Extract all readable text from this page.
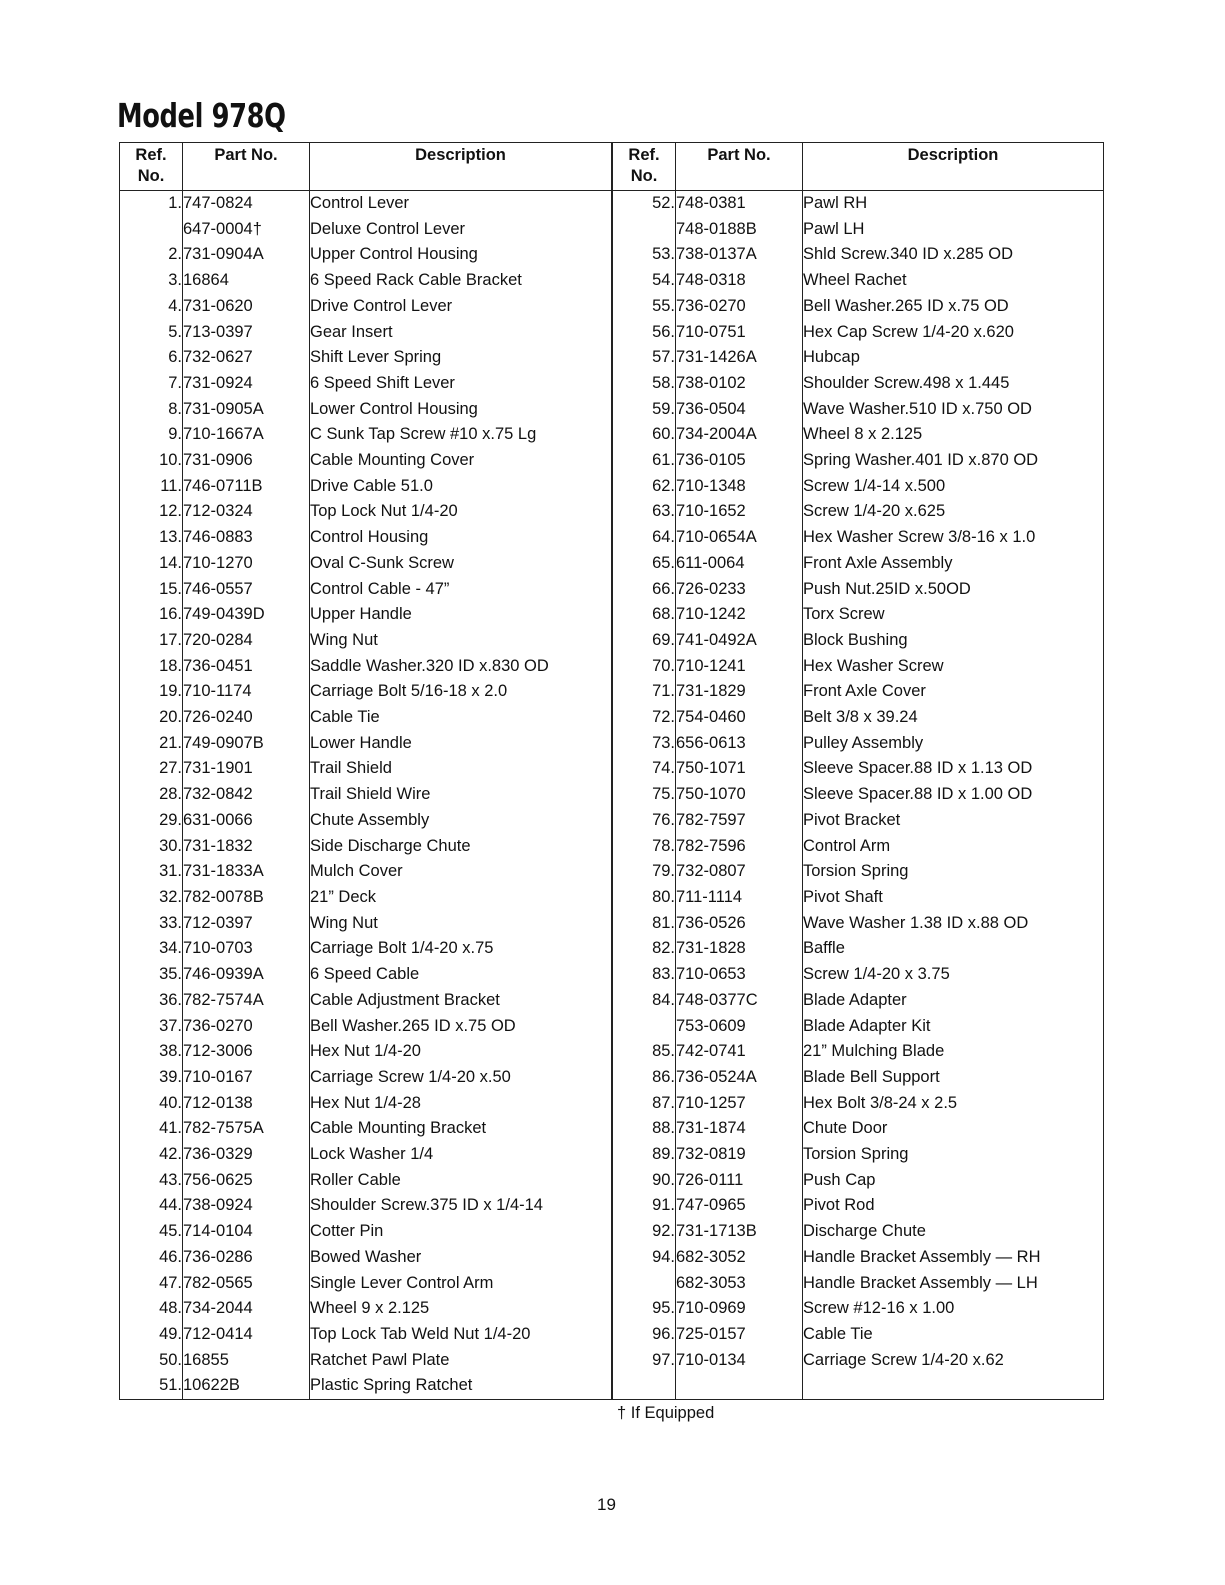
Model 978Q
Ref. No.	Part No.	Description
1.	747-0824	Control Lever
	647-0004†	Deluxe Control Lever
2.	731-0904A	Upper Control Housing
3.	16864	6 Speed Rack Cable Bracket
4.	731-0620	Drive Control Lever
5.	713-0397	Gear Insert
6.	732-0627	Shift Lever Spring
7.	731-0924	6 Speed Shift Lever
8.	731-0905A	Lower Control Housing
9.	710-1667A	C Sunk Tap Screw #10 x.75 Lg
10.	731-0906	Cable Mounting Cover
11.	746-0711B	Drive Cable 51.0
12.	712-0324	Top Lock Nut 1/4-20
13.	746-0883	Control Housing
14.	710-1270	Oval C-Sunk Screw
15.	746-0557	Control Cable - 47”
16.	749-0439D	Upper Handle
17.	720-0284	Wing Nut
18.	736-0451	Saddle Washer.320 ID x.830 OD
19.	710-1174	Carriage Bolt 5/16-18 x 2.0
20.	726-0240	Cable Tie
21.	749-0907B	Lower Handle
27.	731-1901	Trail Shield
28.	732-0842	Trail Shield Wire
29.	631-0066	Chute Assembly
30.	731-1832	Side Discharge Chute
31.	731-1833A	Mulch Cover
32.	782-0078B	21” Deck
33.	712-0397	Wing Nut
34.	710-0703	Carriage Bolt 1/4-20 x.75
35.	746-0939A	6 Speed Cable
36.	782-7574A	Cable Adjustment Bracket
37.	736-0270	Bell Washer.265 ID x.75 OD
38.	712-3006	Hex Nut 1/4-20
39.	710-0167	Carriage Screw 1/4-20 x.50
40.	712-0138	Hex Nut 1/4-28
41.	782-7575A	Cable Mounting Bracket
42.	736-0329	Lock Washer 1/4
43.	756-0625	Roller Cable
44.	738-0924	Shoulder Screw.375 ID x 1/4-14
45.	714-0104	Cotter Pin
46.	736-0286	Bowed Washer
47.	782-0565	Single Lever Control Arm
48.	734-2044	Wheel 9 x 2.125
49.	712-0414	Top Lock Tab Weld Nut 1/4-20
50.	16855	Ratchet Pawl Plate
51.	10622B	Plastic Spring Ratchet
Ref. No.	Part No.	Description
52.	748-0381	Pawl RH
	748-0188B	Pawl LH
53.	738-0137A	Shld Screw.340 ID x.285 OD
54.	748-0318	Wheel Rachet
55.	736-0270	Bell Washer.265 ID x.75 OD
56.	710-0751	Hex Cap Screw 1/4-20 x.620
57.	731-1426A	Hubcap
58.	738-0102	Shoulder Screw.498 x 1.445
59.	736-0504	Wave Washer.510 ID x.750 OD
60.	734-2004A	Wheel 8 x 2.125
61.	736-0105	Spring Washer.401 ID x.870 OD
62.	710-1348	Screw 1/4-14 x.500
63.	710-1652	Screw 1/4-20 x.625
64.	710-0654A	Hex Washer Screw 3/8-16 x 1.0
65.	611-0064	Front Axle Assembly
66.	726-0233	Push Nut.25ID x.50OD
68.	710-1242	Torx Screw
69.	741-0492A	Block Bushing
70.	710-1241	Hex Washer Screw
71.	731-1829	Front Axle Cover
72.	754-0460	Belt 3/8 x 39.24
73.	656-0613	Pulley Assembly
74.	750-1071	Sleeve Spacer.88 ID x 1.13 OD
75.	750-1070	Sleeve Spacer.88 ID x 1.00 OD
76.	782-7597	Pivot Bracket
78.	782-7596	Control Arm
79.	732-0807	Torsion Spring
80.	711-1114	Pivot Shaft
81.	736-0526	Wave Washer 1.38 ID x.88 OD
82.	731-1828	Baffle
83.	710-0653	Screw 1/4-20 x 3.75
84.	748-0377C	Blade Adapter
	753-0609	Blade Adapter Kit
85.	742-0741	21” Mulching Blade
86.	736-0524A	Blade Bell Support
87.	710-1257	Hex Bolt 3/8-24 x 2.5
88.	731-1874	Chute Door
89.	732-0819	Torsion Spring
90.	726-0111	Push Cap
91.	747-0965	Pivot Rod
92.	731-1713B	Discharge Chute
94.	682-3052	Handle Bracket Assembly — RH
	682-3053	Handle Bracket Assembly — LH
95.	710-0969	Screw #12-16 x 1.00
96.	725-0157	Cable Tie
97.	710-0134	Carriage Screw 1/4-20 x.62

† If Equipped
19
